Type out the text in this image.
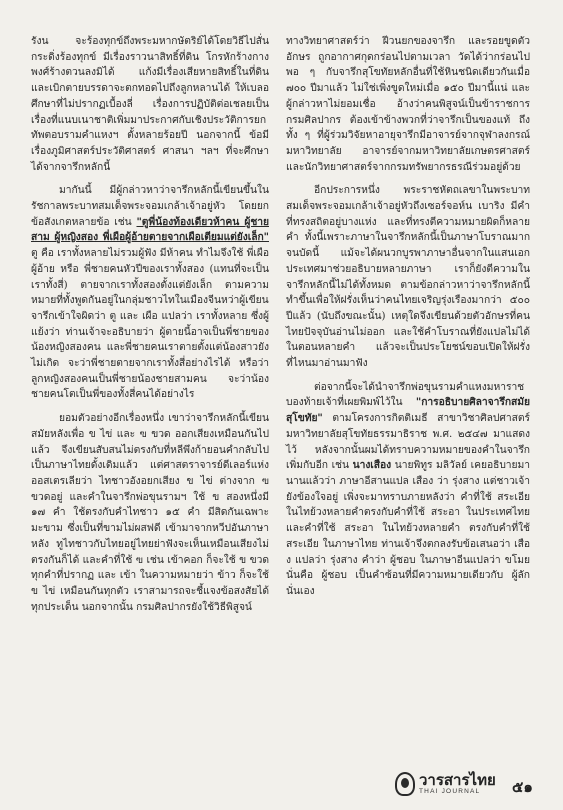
รังน จะร้องทุกข์ถึงพระมหากษัตริย์ได้โดยวิธีไปสั่นกระดิ่งร้องทุกข์ มีเรื่องราวนาสิทธิ์ที่ดิน โกรหักร้างกางพงศ์ร้างตวนลงมิได้ แก้งมีเรื่องเสียหายสิทธิ์ในที่ดิน และเบิกตายบรรดาจะตกทอดไปถึงลูกหลานได้ ให้เบลอศึกษาที่ไม่ปรากฏเบื้องลี่ เรื่องการปฏิบัติต่อเชลยเป็นเรื่องที่แนบเนาชาติเพิ่มมาประกาศกับเชิงประวัติการยกทัพตอบรามคำแหงฯ ตั้งหลายร้อยปี นอกจากนี้ ข้อมีเรื่องภูมิศาสตร์ประวัติศาสตร์ ศาสนา ฯลฯ ที่จะศึกษาได้จากจารึกหลักนี้

มากันนี้ มีผู้กล่าวหาว่าจารึกหลักนี้เขียนขึ้นในรัชกาลพระบาทสมเด็จพระจอมเกล้าเจ้าอยู่หัว โดยยกข้อสังเกตหลายข้อ เช่น "ตูพี่น้องท้องเดียวห้าคน ผู้ชายสาม ผู้หญิงสอง พี่เผือผู้อ้ายตายจากเผือเตียมแต่ยังเล็ก" ตู คือ เราทั้งหลายไม่รวมผู้ฟัง มีห้าคน ทำไมจึงใช้ พี่เผือผู้อ้าย หรือ พี่ชายคนหัวปีของเราทั้งสอง (แทนที่จะเป็นเราทั้งสี่) ตายจากเราทั้งสองตั้งแต่ยังเล็ก ตามความหมายที่ทั้งพูดกันอยู่ในกลุ่มชาวไทในเมืองจีนหว่าผู้เขียนจารึกเข้าใจผิดว่า ตู และ เผือ แปลว่า เราทั้งหลาย ซึ่งผู้แย้งว่า ท่านเจ้าจะอธิบายว่า ผู้ตายนี้อาจเป็นพี่ชายของน้องหญิงสองคน และพี่ชายคนเราตายตั้งแต่น้องสาวยังไม่เกิด จะว่าพี่ชายตายจากเราทั้งสี่อย่างไรได้ หรือว่าลูกหญิงสองคนเป็นพี่ชายน้องชายสามคน จะว่าน้องชายคนโตเป็นพี่ของทั้งสี่คนได้อย่างไร

ยอมตัวอย่างอีกเรื่องหนึ่ง เขาว่าจารึกหลักนี้เขียนสมัยหลังเพื่อ ข ไข่ และ ฃ ขวด ออกเสียงเหมือนกันไปแล้ว จึงเขียนสับสนไม่ตรงกับที่หลีพึงก้ายอนคำกลับไปเป็นภาษาไทยดั้งเดิมแล้ว แต่ศาสตราจารย์ดีเลอร์แห่งออสเตรเลียว่า ไทชาวอังอยกเสียง ข ไข่ ต่างจาก ฃ ขวดอยู่ และคำในจารึกพ่อขุนรามฯ ใช้ ข สองหนึ่งมี ๑๗ คำ ใช้ตรงกับคำไทชาว ๑๕ คำ มีสิดกันเฉพาะ มะขาม ซึ่งเป็นที่ขามไม่ผสฟดี เข้ามาจากหวีปอันภาษาหลัง ทูไทชาวกับไทยอยู่ไทยย่าฟังจะเห็นเหมือนเสียงไม่ตรงกันก็ได้ และคำที่ใช้ ฃ เช่น เข้าคอก ก็จะใช้ ข ขวด ทุกคำที่ปรากฏ และ เข้า ในความหมายว่า ข้าว ก็จะใช้ ข ไข่ เหมือนกันทุกตัว เราสามารถจะชี้แจงข้อสงสัยได้ทุกประเด็น นอกจากนั้น กรมศิลปากรยังใช้วิธีพิสูจน์

ทางวิทยาศาสตร์ว่า ฝีวนยกของจารึก และรอยขูดตัวอักษร ถูกอากาศกุดกร่อนไปตามเวลา วัดได้ว่ากร่อนไปพอ ๆ กับจารึกสุโขทัยหลักอื่นที่ใช้หินชนิดเดียวกันเมื่อ ๗๐๐ ปีมาแล้ว ไม่ใช่เพิ่งขูดใหม่เมื่อ ๑๕๐ ปีมานี้แน่ และผู้กล่าวหาไม่ยอมเชื่อ อ้างว่าคนพิสูจน์เป็นข้าราชการกรมศิลปากร ต้องเข้าข้างพวกที่ว่าจารึกเป็นของแท้ ถึงทั้ง ๆ ที่ผู้ร่วมวิจัยหาอายุจารึกมีอาจารย์จากจุฬาลงกรณ์มหาวิทยาลัย อาจารย์จากมหาวิทยาลัยเกษตรศาสตร์ และนักวิทยาศาสตร์จากกรมทรัพยากรธรณีร่วมอยู่ด้วย

อีกประการหนึ่ง พระราชหัตถเลขาในพระบาทสมเด็จพระจอมเกล้าเจ้าอยู่หัวถึงเซอร์จอห์น เบาริง มีคำที่ทรงสถิตอยู่บางแห่ง และที่ทรงตีความหมายผิดก็หลายคำ ทั้งนี้เพราะภาษาในจารึกหลักนี้เป็นภาษาโบราณมาก จนบัดนี้ แม้จะได้ผนวกบูรพาภาษาอื่นจากในแสนเอกประเทศมาช่วยอธิบายหลายภาษา เราก็ยังตีความในจารึกหลักนี้ไม่ได้ทั้งหมด ตามข้อกล่าวหาว่าจารึกหลักนี้ทำขึ้นเพื่อให้ฝรั่งเห็นว่าคนไทยเจริญรุ่งเรืองมากว่า ๕๐๐ ปีแล้ว (นับถึงขณะนั้น) เหตุใดจึงเขียนด้วยตัวอักษรที่คนไทยปัจจุบันอ่านไม่ออก และใช้คำโบราณที่ยังแปลไม่ได้ในตอนหลายคำ แล้วจะเป็นประโยชน์ขอบเปิดให้ฝรั่งที่ไหนมาอ่านมาฟัง

ต่อจากนี้จะได้นำจารึกพ่อขุนรามคำแหงมหาราชบองท้ายเจ้าที่เผยพิมพ์ไว้ใน "การอธิบายศิลาจารึกสมัยสุโขทัย" ตามโครงการกิตติเมธี สาขาวิชาศิลปศาสตร์ มหาวิทยาลัยสุโขทัยธรรมาธิราช พ.ศ. ๒๕๔๗ มาแสดงไว้ หลังจากนั้นผมได้ทราบความหมายของคำในจารึกเพิ่มกับอีก เช่น นางเสือง นายพิทูร มลิวัลย์ เคยอธิบายมานานแล้วว่า ภาษาอีสานแปล เสือง ว่า รุ่งสาง แต่ชาวเจ้ายังข้องใจอยู่ เพิ่งจะมาทราบภายหลังว่า คำที่ใช้ สระเอีย ในไทย้วงหลายคำตรงกับคำที่ใช้ สระอา ในประเทศไทย และคำที่ใช้ สระอา ในไทย้วงหลายคำ ตรงกับคำที่ใช้ สระเอีย ในภาษาไทย ท่านเจ้าจึงตกลงรับข้อเสนอว่า เสือง แปลว่า รุ่งสาง คำว่า ผู้ชอบ ในภาษาอีนแปลว่า ขโมย นั่นคือ ผู้ชอบ เป็นคำซ้อนที่มีความหมายเดียวกับ ผู้ลัก นั่นเอง

วารสารไทย
THAI JOURNAL	๕๑
